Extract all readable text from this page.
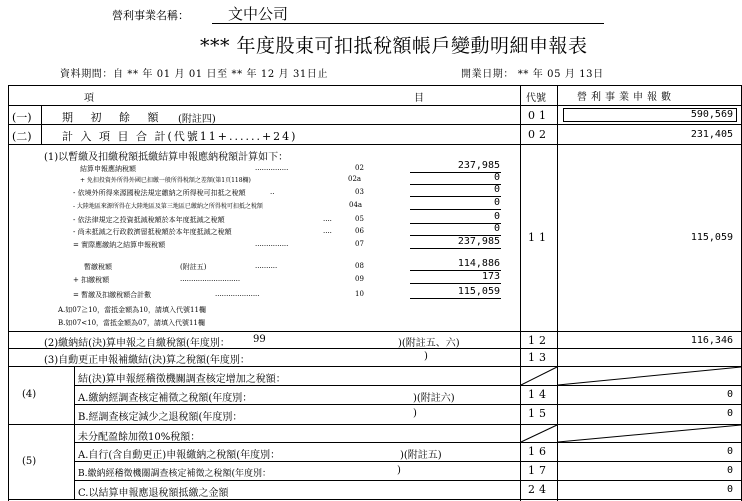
營利事業名稱：	文中公司
*** 年度股東可扣抵稅額帳戶變動明細申報表
資料期間：自 ** 年 01 月 01 日至 ** 年 12 月 31日止	開業日期： ** 年 05 月 13日
項	目	代號	營利事業申報數
(一)	期 初 餘 額 (附註四)	01	590,569
(二)	計 入 項 目 合 計(代號11+......+24)	02	231,405
(1)以暫繳及扣繳稅額抵繳結算申報應納稅額計算如下：
結算申報應納稅額	...............	02	237,985
+ 免扣投資外所得外國已扣繳一般所得稅額之差額(第1頁118欄)	02a	0
- 依境外所得來源國稅法規定繳納之所得稅可扣抵之稅額	..	03	0
- 大陸地區來源所得在大陸地區及第三地區已繳納之所得稅可扣抵之稅額	04a	0
- 依法律規定之投資抵減稅額於本年度抵減之稅額	....	05	0
- 尚未抵減之行政救濟留抵稅額於本年度抵減之稅額	....	06	0
= 實際應繳納之結算申報稅額	...............	07	237,985
暫繳稅額	(附註五)	..........	08	114,886
+ 扣繳稅額	...........................	09	173
= 暫繳及扣繳稅額合計數	....................	10	115,059
A.如07≧10，當抵金額為10，請填入代號11欄
B.如07<10，當抵金額為07，請填入代號11欄
11	115,059
(2)繳納結(決)算申報之自繳稅額(年度別： 99	)(附註五、六)	12	116,346
(3)自動更正申報補繳結(決)算之稅額(年度別：	)	13
(4)
結(決)算申報經稽徵機關調查核定增加之稅額：
A.繳納經調查核定補徵之稅額(年度別：	)(附註六)	14	0
B.經調查核定減少之退稅額(年度別：	)	15	0
(5)
未分配盈餘加徵10%稅額：
A.自行(含自動更正)申報繳納之稅額(年度別：	)(附註五)	16	0
B.繳納經稽徵機關調查核定補徵之稅額(年度別：	)	17	0
C.以結算申報應退稅額抵繳之金額	24	0
